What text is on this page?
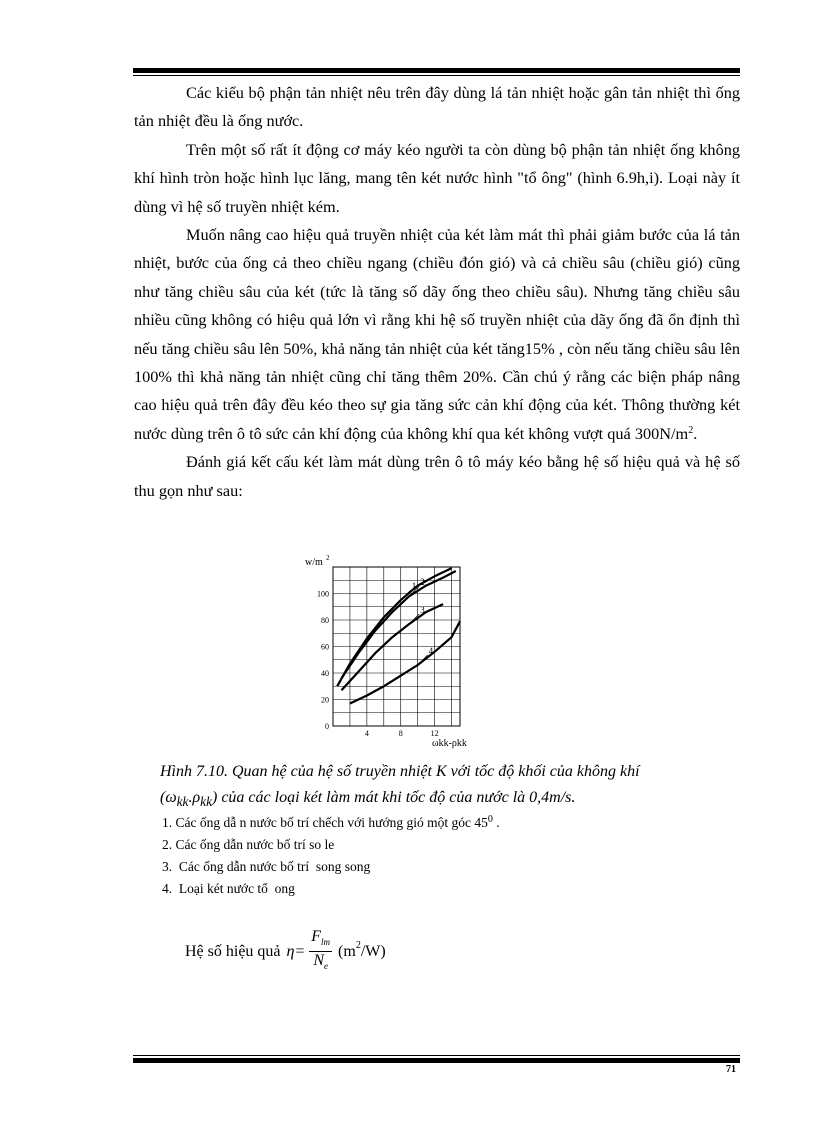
Các kiểu bộ phận tản nhiệt nêu trên đây dùng lá tản nhiệt hoặc gân tản nhiệt thì ống tản nhiệt đều là ống nước.

Trên một số rất ít động cơ máy kéo người ta còn dùng bộ phận tản nhiệt ống không khí hình tròn hoặc hình lục lăng, mang tên két nước hình "tổ ông" (hình 6.9h,i). Loại này ít dùng vì hệ số truyền nhiệt kém.

Muốn nâng cao hiệu quả truyền nhiệt của két làm mát thì phải giảm bước của lá tản nhiệt, bước của ống cả theo chiều ngang (chiều đón gió) và cả chiều sâu (chiều gió) cũng như tăng chiều sâu của két (tức là tăng số dãy ống theo chiều sâu). Nhưng tăng chiều sâu nhiều cũng không có hiệu quả lớn vì rằng khi hệ số truyền nhiệt của dãy ống đã ổn định thì nếu tăng chiều sâu lên 50%, khả năng tản nhiệt của két tăng15% , còn nếu tăng chiều sâu lên 100% thì khả năng tản nhiệt cũng chỉ tăng thêm 20%. Cần chú ý rằng các biện pháp nâng cao hiệu quả trên đây đều kéo theo sự gia tăng sức cản khí động của két. Thông thường két nước dùng trên ô tô sức cản khí động của không khí qua két không vượt quá $300N/m^2$.

Đánh giá kết cấu két làm mát dùng trên ô tô máy kéo bằng hệ số hiệu quả và hệ số thu gọn như sau:

1 2
3
4
0
20
40
60
80
100
4	8	12
w/m 2
ωkk-ρkk
Hình 7.10. Quan hệ của hệ số truyền nhiệt K với tốc độ khối của không khí
$(\omega_{kk}.\rho_{kk})$ của các loại két làm mát khi tốc độ của nước là 0,4m/s.
1. Các ống dẫ n nước bố trí chếch với hướng gió một góc $45^0$ .
2. Các ống dẫn nước bố trí so le
3.  Các ống dẫn nước bố trí  song song
4.  Loại két nước tổ  ong
Hệ số hiệu quả $\eta= \frac{F_{lm}}{N_e} (m^2/W)$
71
